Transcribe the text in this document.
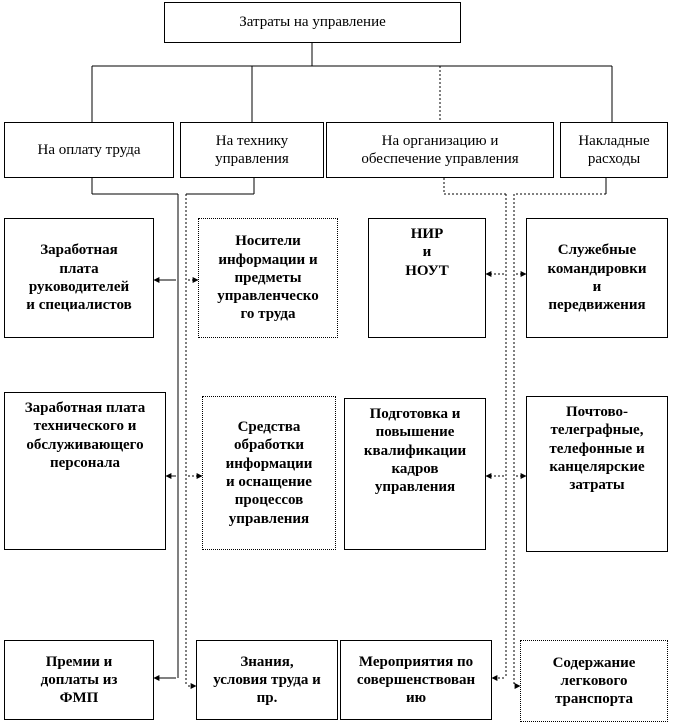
Затраты на управление
На оплату труда
На технику
управления
На организацию и
обеспечение управления
Накладные
расходы
Заработная
плата
руководителей
и специалистов
Заработная плата
технического и
обслуживающего
персонала
Премии и
доплаты из
ФМП
Носители
информации и
предметы
управленческо
го труда
Средства
обработки
информации
и оснащение
процессов
управления
Знания,
условия труда и
пр.
НИР
и
НОУТ
Подготовка и
повышение
квалификации
кадров
управления
Мероприятия по
совершенствован
ию
Служебные
командировки
и
передвижения
Почтово-
телеграфные,
телефонные и
канцелярские
затраты
Содержание
легкового
транспорта
